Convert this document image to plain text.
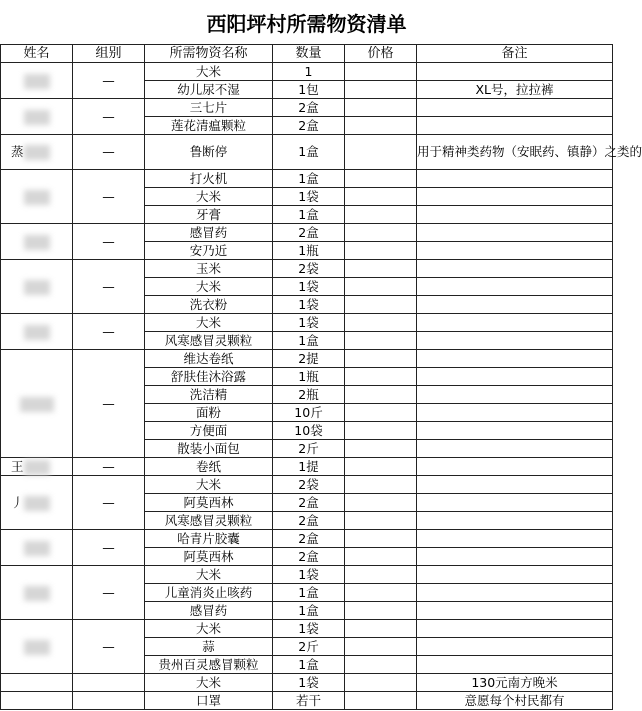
西阳坪村所需物资清单
姓名	组别	所需物资名称	数量	价格	备注
	—	大米	1		
		幼儿尿不湿	1包		XL号，拉拉裤
	—	三七片	2盒		
		莲花清瘟颗粒	2盒		
蒸	—	鲁断停	1盒		用于精神类药物（安眠药、镇静）之类的
	—	打火机	1盒		
		大米	1袋		
		牙膏	1盒		
	—	感冒药	2盒		
		安乃近	1瓶		
	—	玉米	2袋		
		大米	1袋		
		洗衣粉	1袋		
	—	大米	1袋		
		风寒感冒灵颗粒	1盒		
	—	维达卷纸	2提		
		舒肤佳沐浴露	1瓶		
		洗洁精	2瓶		
		面粉	10斤		
		方便面	10袋		
		散装小面包	2斤		
王	—	卷纸	1提		
丿	—	大米	2袋		
		阿莫西林	2盒		
		风寒感冒灵颗粒	2盒		
	—	哈青片胶囊	2盒		
		阿莫西林	2盒		
	—	大米	1袋		
		儿童消炎止咳药	1盒		
		感冒药	1盒		
	—	大米	1袋		
		蒜	2斤		
		贵州百灵感冒颗粒	1盒		
		大米	1袋		130元南方晚米
		口罩	若干		意愿每个村民都有
